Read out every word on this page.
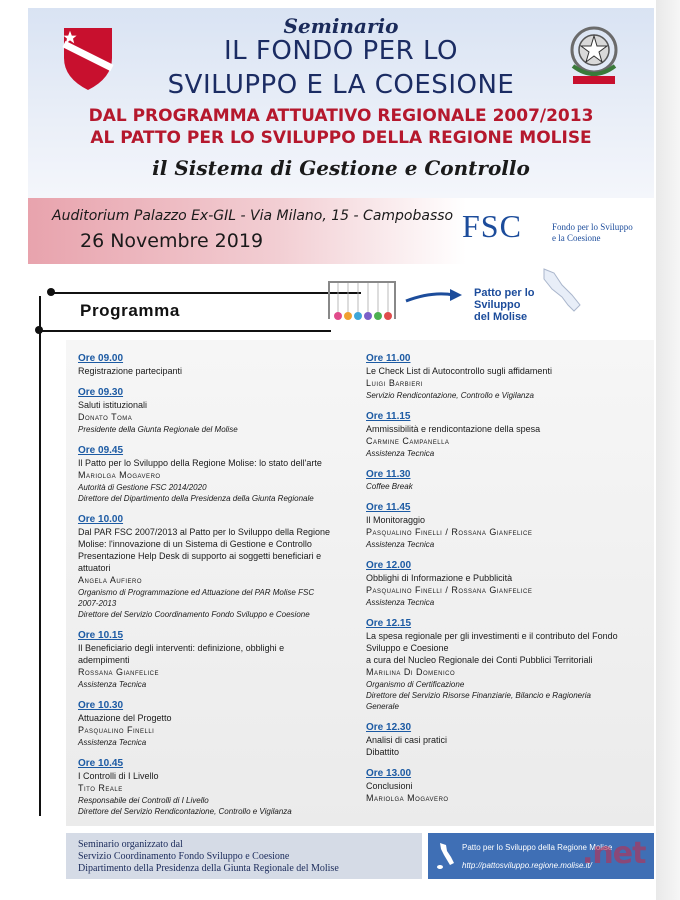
Seminario
IL FONDO PER LO
SVILUPPO E LA COESIONE
DAL PROGRAMMA ATTUATIVO REGIONALE 2007/2013
AL PATTO PER LO SVILUPPO DELLA REGIONE MOLISE
il Sistema di Gestione e Controllo
Auditorium Palazzo Ex-GIL - Via Milano, 15 - Campobasso
26 Novembre 2019	FSC	Fondo per lo Sviluppo
e la Coesione
Programma
Patto per lo
Sviluppo
del Molise
Ore 09.00
Registrazione partecipanti
Ore 09.30
Saluti istituzionali
Donato Toma
Presidente della Giunta Regionale del Molise
Ore 09.45
Il Patto per lo Sviluppo della Regione Molise: lo stato dell'arte
Mariolga Mogavero
Autorità di Gestione FSC 2014/2020
Direttore del Dipartimento della Presidenza della Giunta Regionale
Ore 10.00
Dal PAR FSC 2007/2013 al Patto per lo Sviluppo della Regione
Molise: l'innovazione di un Sistema di Gestione e Controllo
Presentazione Help Desk di supporto ai soggetti beneficiari e
attuatori
Angela Aufiero
Organismo di Programmazione ed Attuazione del PAR Molise FSC
2007-2013
Direttore del Servizio Coordinamento Fondo Sviluppo e Coesione
Ore 10.15
Il Beneficiario degli interventi: definizione, obblighi e
adempimenti
Rossana Gianfelice
Assistenza Tecnica
Ore 10.30
Attuazione del Progetto
Pasqualino Finelli
Assistenza Tecnica
Ore 10.45
I Controlli di I Livello
Tito Reale
Responsabile dei Controlli di I Livello
Direttore del Servizio Rendicontazione, Controllo e Vigilanza
Ore 11.00
Le Check List di Autocontrollo sugli affidamenti
Luigi Barbieri
Servizio Rendicontazione, Controllo e Vigilanza
Ore 11.15
Ammissibilità e rendicontazione della spesa
Carmine Campanella
Assistenza Tecnica
Ore 11.30
Coffee Break
Ore 11.45
Il Monitoraggio
Pasqualino Finelli / Rossana Gianfelice
Assistenza Tecnica
Ore 12.00
Obblighi di Informazione e Pubblicità
Pasqualino Finelli / Rossana Gianfelice
Assistenza Tecnica
Ore 12.15
La spesa regionale per gli investimenti e il contributo del Fondo
Sviluppo e Coesione
a cura del Nucleo Regionale dei Conti Pubblici Territoriali
Marilina Di Domenico
Organismo di Certificazione
Direttore del Servizio Risorse Finanziarie, Bilancio e Ragioneria
Generale
Ore 12.30
Analisi di casi pratici
Dibattito
Ore 13.00
Conclusioni
Mariolga Mogavero
Seminario organizzato dal
Servizio Coordinamento Fondo Sviluppo e Coesione
Dipartimento della Presidenza della Giunta Regionale del Molise
Patto per lo Sviluppo della Regione Molise
http://pattosviluppo.regione.molise.it/
.net
